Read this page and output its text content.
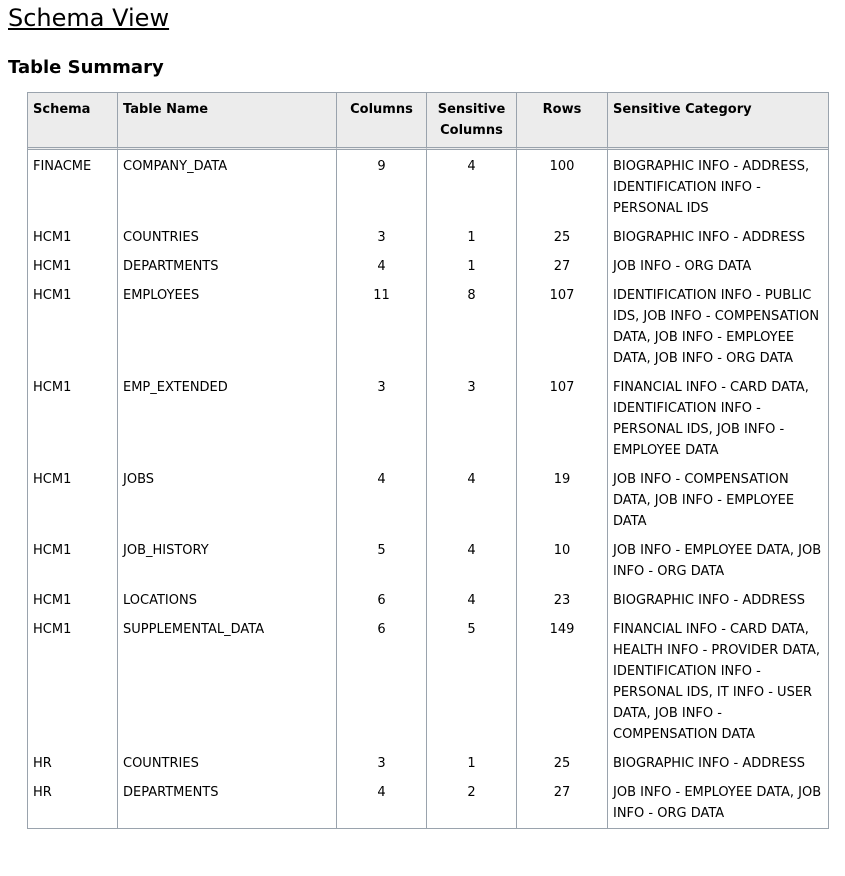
Schema View
Table Summary
Schema	Table Name	Columns	Sensitive Columns	Rows	Sensitive Category
FINACME	COMPANY_DATA	9	4	100	BIOGRAPHIC INFO - ADDRESS, IDENTIFICATION INFO - PERSONAL IDS
HCM1	COUNTRIES	3	1	25	BIOGRAPHIC INFO - ADDRESS
HCM1	DEPARTMENTS	4	1	27	JOB INFO - ORG DATA
HCM1	EMPLOYEES	11	8	107	IDENTIFICATION INFO - PUBLIC IDS, JOB INFO - COMPENSATION DATA, JOB INFO - EMPLOYEE DATA, JOB INFO - ORG DATA
HCM1	EMP_EXTENDED	3	3	107	FINANCIAL INFO - CARD DATA, IDENTIFICATION INFO - PERSONAL IDS, JOB INFO - EMPLOYEE DATA
HCM1	JOBS	4	4	19	JOB INFO - COMPENSATION DATA, JOB INFO - EMPLOYEE DATA
HCM1	JOB_HISTORY	5	4	10	JOB INFO - EMPLOYEE DATA, JOB INFO - ORG DATA
HCM1	LOCATIONS	6	4	23	BIOGRAPHIC INFO - ADDRESS
HCM1	SUPPLEMENTAL_DATA	6	5	149	FINANCIAL INFO - CARD DATA, HEALTH INFO - PROVIDER DATA, IDENTIFICATION INFO - PERSONAL IDS, IT INFO - USER DATA, JOB INFO - COMPENSATION DATA
HR	COUNTRIES	3	1	25	BIOGRAPHIC INFO - ADDRESS
HR	DEPARTMENTS	4	2	27	JOB INFO - EMPLOYEE DATA, JOB INFO - ORG DATA
